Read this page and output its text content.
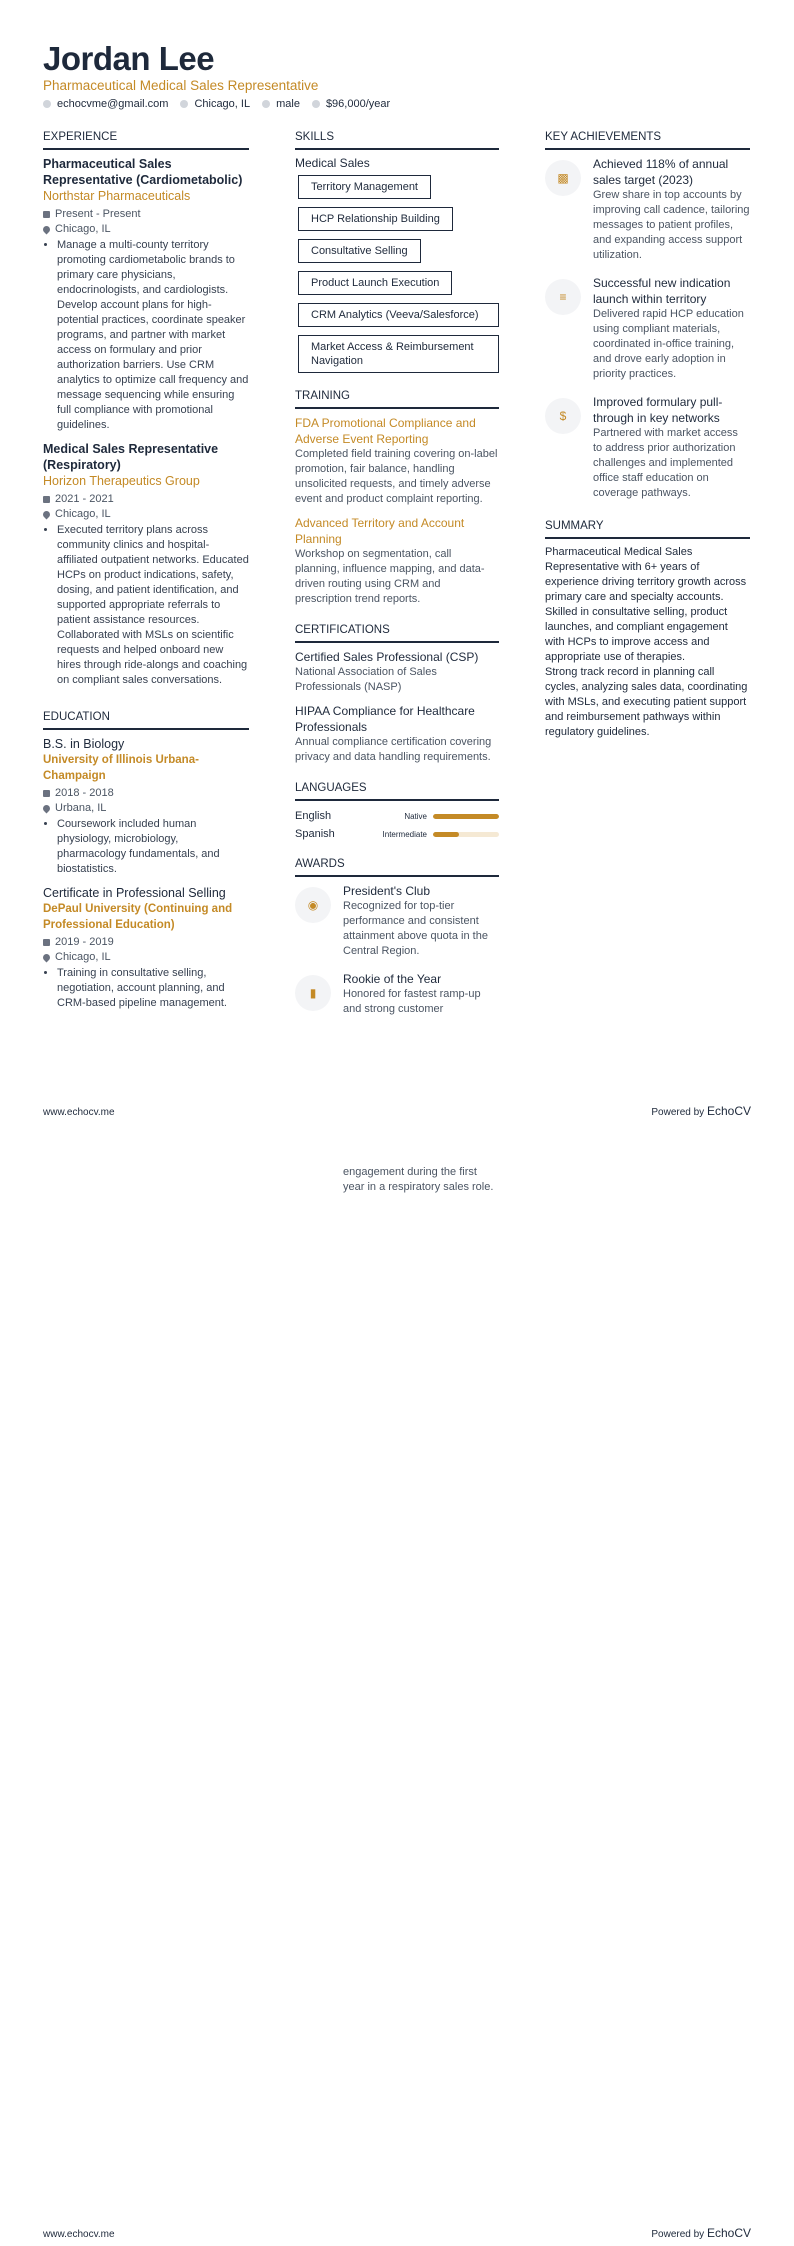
Jordan Lee
Pharmaceutical Medical Sales Representative
echocvme@gmail.com	Chicago, IL	male	$96,000/year
EXPERIENCE
Pharmaceutical Sales Representative (Cardiometabolic)
Northstar Pharmaceuticals
Present - Present
Chicago, IL
• Manage a multi-county territory promoting cardiometabolic brands to primary care physicians, endocrinologists, and cardiologists. Develop account plans for high-potential practices, coordinate speaker programs, and partner with market access on formulary and prior authorization barriers. Use CRM analytics to optimize call frequency and message sequencing while ensuring full compliance with promotional guidelines.
Medical Sales Representative (Respiratory)
Horizon Therapeutics Group
2021 - 2021
Chicago, IL
• Executed territory plans across community clinics and hospital-affiliated outpatient networks. Educated HCPs on product indications, safety, dosing, and patient identification, and supported appropriate referrals to patient assistance resources. Collaborated with MSLs on scientific requests and helped onboard new hires through ride-alongs and coaching on compliant sales conversations.
EDUCATION
B.S. in Biology
University of Illinois Urbana-Champaign
2018 - 2018
Urbana, IL
• Coursework included human physiology, microbiology, pharmacology fundamentals, and biostatistics.
Certificate in Professional Selling
DePaul University (Continuing and Professional Education)
2019 - 2019
Chicago, IL
• Training in consultative selling, negotiation, account planning, and CRM-based pipeline management.
SKILLS
Medical Sales
Territory Management
HCP Relationship Building
Consultative Selling
Product Launch Execution
CRM Analytics (Veeva/Salesforce)
Market Access & Reimbursement Navigation
TRAINING
FDA Promotional Compliance and Adverse Event Reporting
Completed field training covering on-label promotion, fair balance, handling unsolicited requests, and timely adverse event and product complaint reporting.
Advanced Territory and Account Planning
Workshop on segmentation, call planning, influence mapping, and data-driven routing using CRM and prescription trend reports.
CERTIFICATIONS
Certified Sales Professional (CSP)
National Association of Sales Professionals (NASP)
HIPAA Compliance for Healthcare Professionals
Annual compliance certification covering privacy and data handling requirements.
LANGUAGES
English	Native
Spanish	Intermediate
AWARDS
◉
President's Club
Recognized for top-tier performance and consistent attainment above quota in the Central Region.
▮
Rookie of the Year
Honored for fastest ramp-up and strong customer
KEY ACHIEVEMENTS
▩
Achieved 118% of annual sales target (2023)
Grew share in top accounts by improving call cadence, tailoring messages to patient profiles, and expanding access support utilization.
≡
Successful new indication launch within territory
Delivered rapid HCP education using compliant materials, coordinated in-office training, and drove early adoption in priority practices.
$
Improved formulary pull-through in key networks
Partnered with market access to address prior authorization challenges and implemented office staff education on coverage pathways.
SUMMARY
Pharmaceutical Medical Sales Representative with 6+ years of experience driving territory growth across primary care and specialty accounts. Skilled in consultative selling, product launches, and compliant engagement with HCPs to improve access and appropriate use of therapies.
Strong track record in planning call cycles, analyzing sales data, coordinating with MSLs, and executing patient support and reimbursement pathways within regulatory guidelines.
www.echocv.me	Powered by EchoCV
engagement during the first year in a respiratory sales role.
www.echocv.me	Powered by EchoCV
